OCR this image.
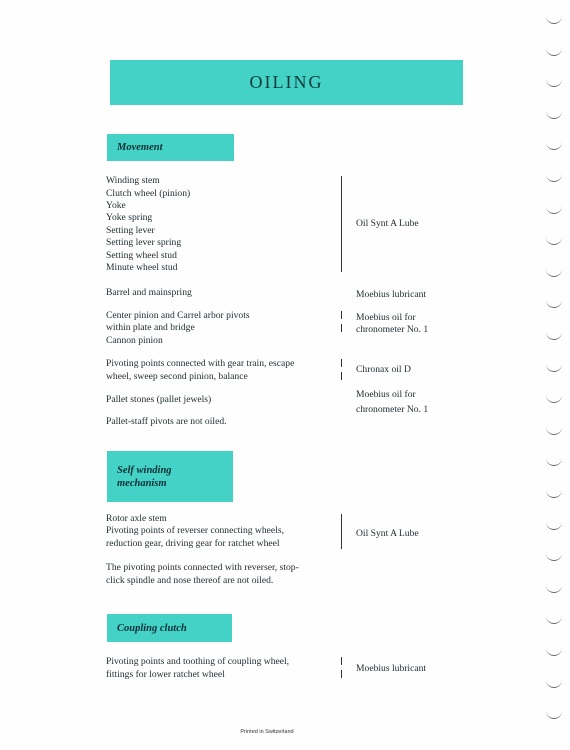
OILING
Movement
Winding stem
Clutch wheel (pinion)
Yoke
Yoke spring
Setting lever
Setting lever spring
Setting wheel stud
Minute wheel stud
Oil Synt A Lube
Barrel and mainspring	Moebius lubricant
Center pinion and Carrel arbor pivots
within plate and bridge
Cannon pinion
Moebius oil for
chronometer No. 1
Pivoting points connected with gear train, escape
wheel, sweep second pinion, balance
Chronax oil D
Pallet stones (pallet jewels)	Moebius oil for
chronometer No. 1
Pallet-staff pivots are not oiled.
Self winding
mechanism
Rotor axle stem
Pivoting points of reverser connecting wheels,
reduction gear, driving gear for ratchet wheel
Oil Synt A Lube
The pivoting points connected with reverser, stop-
click spindle and nose thereof are not oiled.
Coupling clutch
Pivoting points and toothing of coupling wheel,
fittings for lower ratchet wheel
Moebius lubricant
Printed in Switzerland
